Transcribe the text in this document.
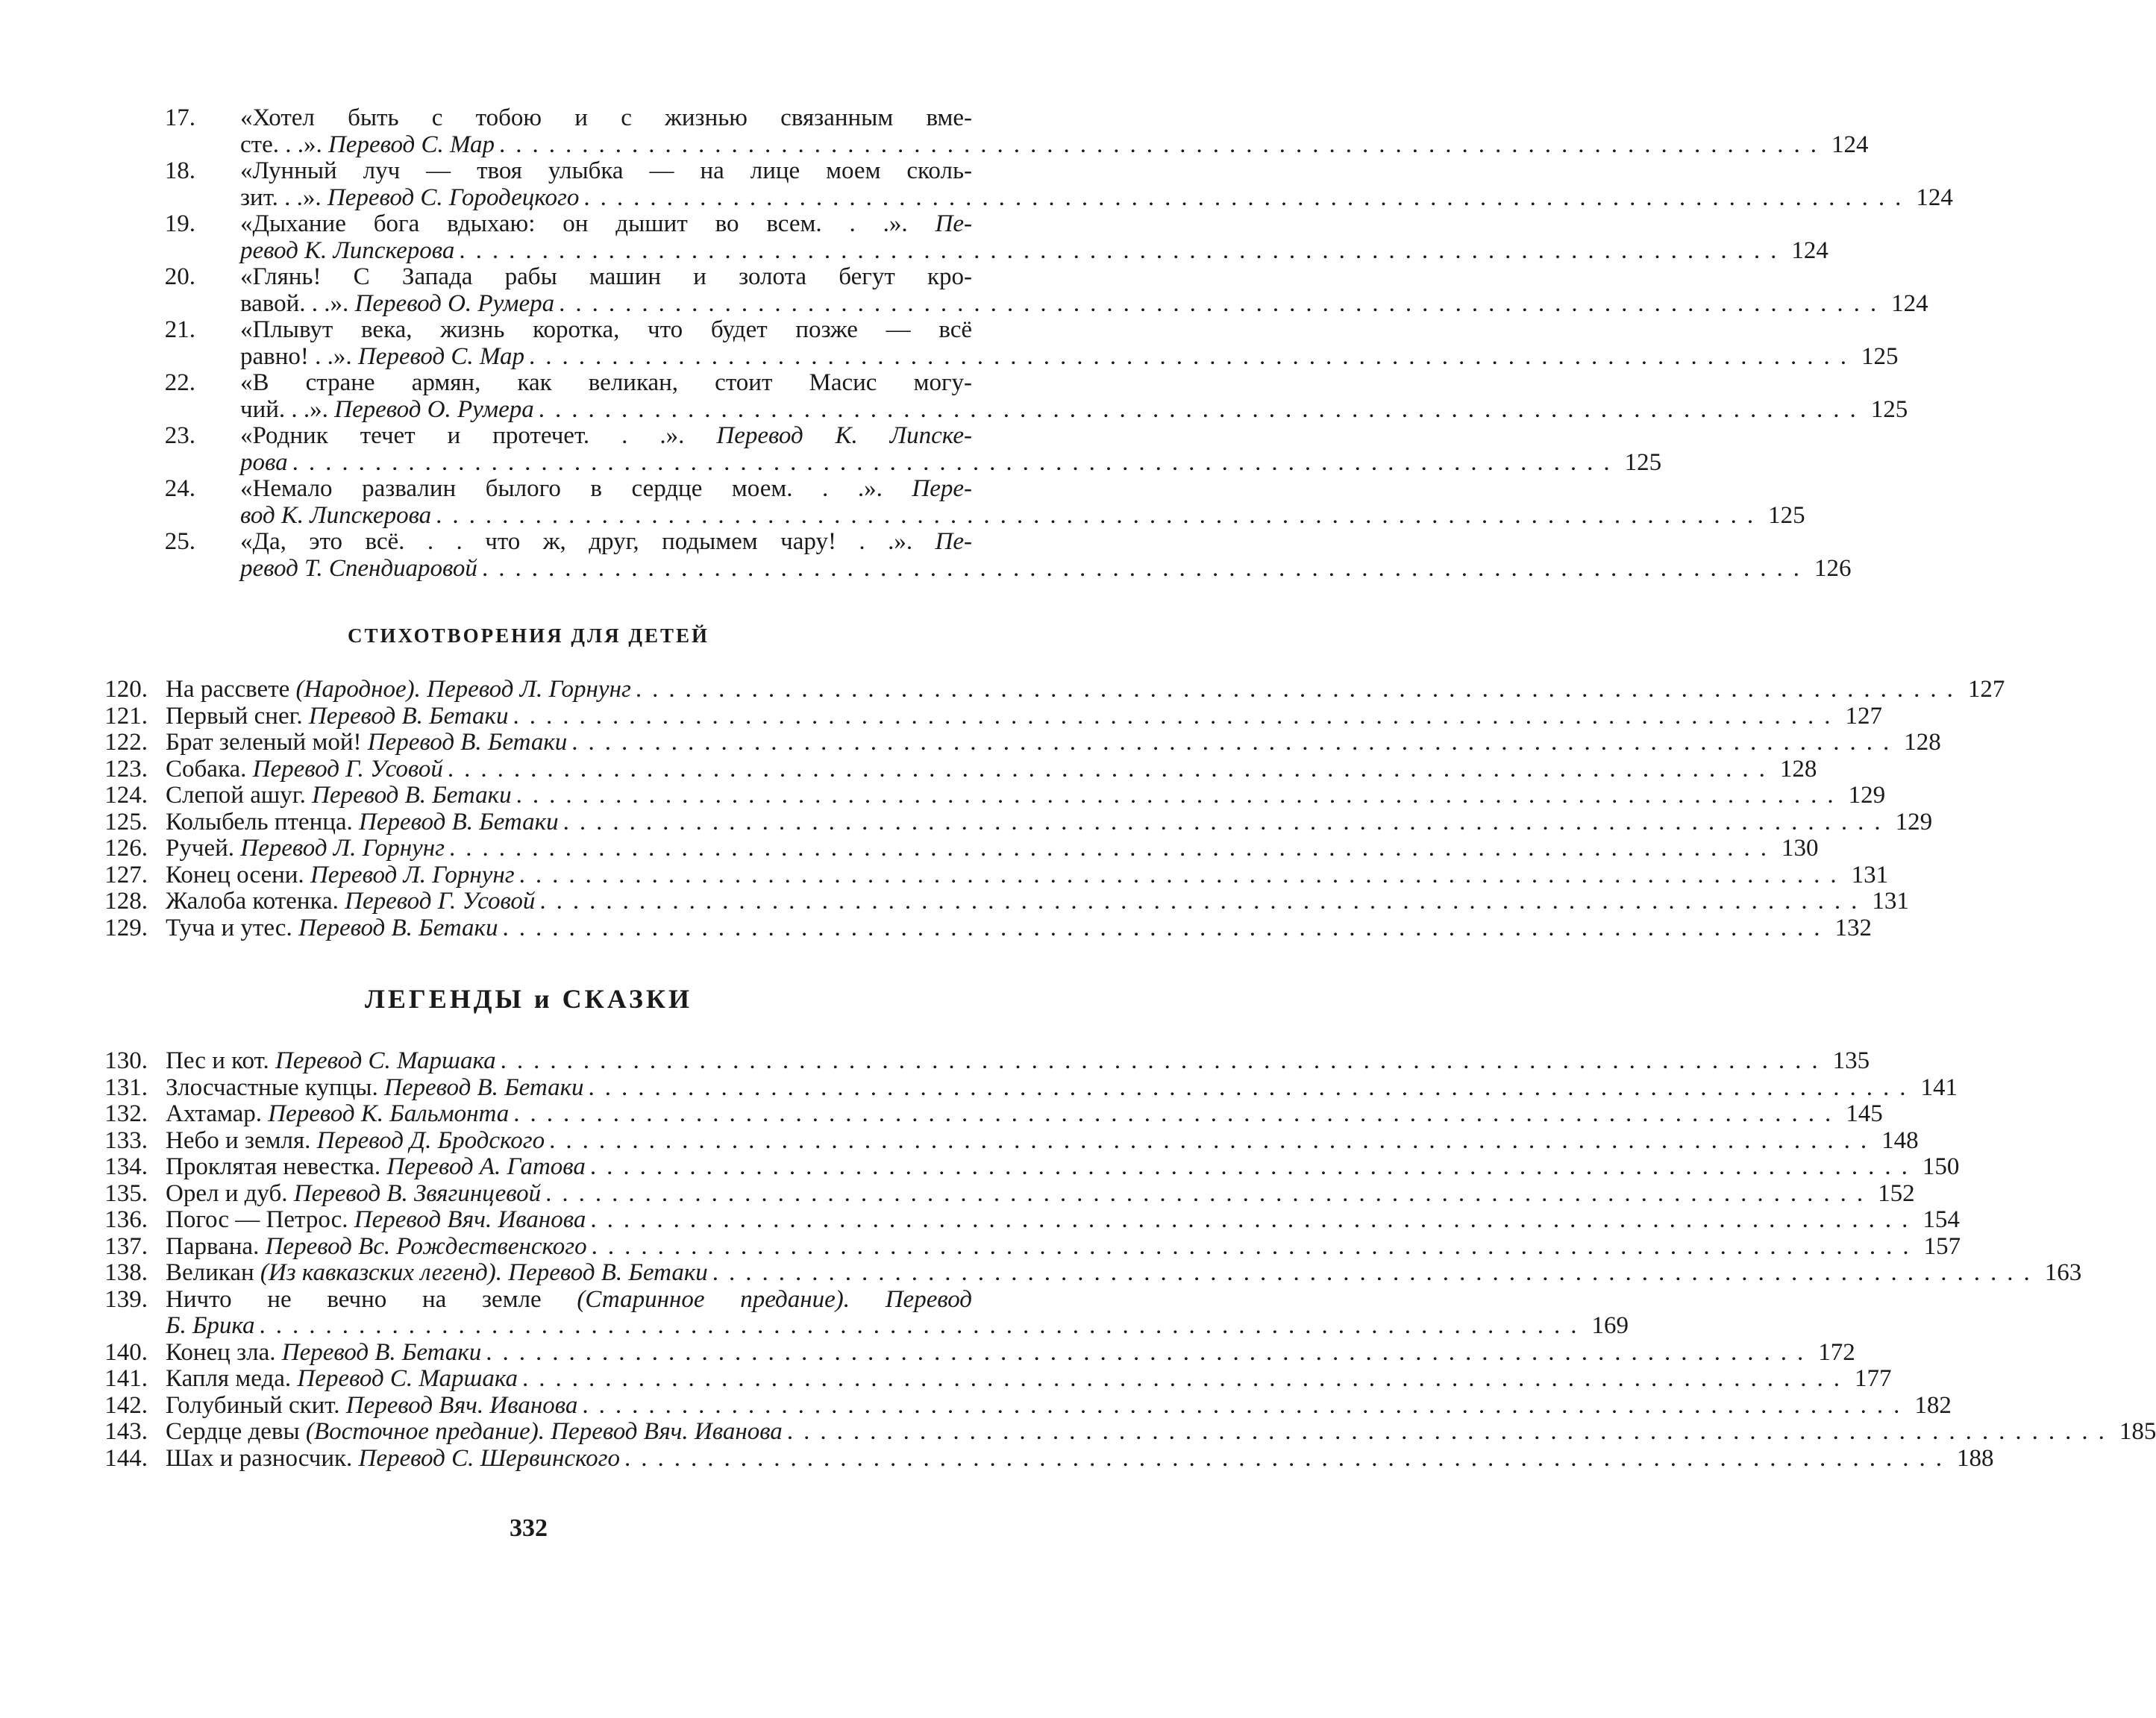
17. «Хотел быть с тобою и с жизнью связанным вме-
сте. . .». Перевод С. Мар ................................................................................ 124
18. «Лунный луч — твоя улыбка — на лице моем сколь-
зит. . .». Перевод С. Городецкого ................................................................................ 124
19. «Дыхание бога вдыхаю: он дышит во всем. . .». Пе-
ревод К. Липскерова ................................................................................ 124
20. «Глянь! С Запада рабы машин и золота бегут кро-
вавой. . .». Перевод О. Румера ................................................................................ 124
21. «Плывут века, жизнь коротка, что будет позже — всё
равно! . .». Перевод С. Мар ................................................................................ 125
22. «В стране армян, как великан, стоит Масис могу-
чий. . .». Перевод О. Румера ................................................................................ 125
23. «Родник течет и протечет. . .». Перевод К. Липске-
рова ................................................................................ 125
24. «Немало развалин былого в сердце моем. . .». Пере-
вод К. Липскерова ................................................................................ 125
25. «Да, это всё. . . что ж, друг, подымем чару! . .». Пе-
ревод Т. Спендиаровой ................................................................................ 126
СТИХОТВОРЕНИЯ ДЛЯ ДЕТЕЙ
120. На рассвете (Народное). Перевод Л. Горнунг ................................................................................ 127
121. Первый снег. Перевод В. Бетаки ................................................................................ 127
122. Брат зеленый мой! Перевод В. Бетаки ................................................................................ 128
123. Собака. Перевод Г. Усовой ................................................................................ 128
124. Слепой ашуг. Перевод В. Бетаки ................................................................................ 129
125. Колыбель птенца. Перевод В. Бетаки ................................................................................ 129
126. Ручей. Перевод Л. Горнунг ................................................................................ 130
127. Конец осени. Перевод Л. Горнунг ................................................................................ 131
128. Жалоба котенка. Перевод Г. Усовой ................................................................................ 131
129. Туча и утес. Перевод В. Бетаки ................................................................................ 132
ЛЕГЕНДЫ и СКАЗКИ
130. Пес и кот. Перевод С. Маршака ................................................................................ 135
131. Злосчастные купцы. Перевод В. Бетаки ................................................................................ 141
132. Ахтамар. Перевод К. Бальмонта ................................................................................ 145
133. Небо и земля. Перевод Д. Бродского ................................................................................ 148
134. Проклятая невестка. Перевод А. Гатова ................................................................................ 150
135. Орел и дуб. Перевод В. Звягинцевой ................................................................................ 152
136. Погос — Петрос. Перевод Вяч. Иванова ................................................................................ 154
137. Парвана. Перевод Вс. Рождественского ................................................................................ 157
138. Великан (Из кавказских легенд). Перевод В. Бетаки ................................................................................ 163
139. Ничто не вечно на земле (Старинное предание). Перевод
Б. Брика ................................................................................ 169
140. Конец зла. Перевод В. Бетаки ................................................................................ 172
141. Капля меда. Перевод С. Маршака ................................................................................ 177
142. Голубиный скит. Перевод Вяч. Иванова ................................................................................ 182
143. Сердце девы (Восточное предание). Перевод Вяч. Иванова ................................................................................ 185
144. Шах и разносчик. Перевод С. Шервинского ................................................................................ 188
332
